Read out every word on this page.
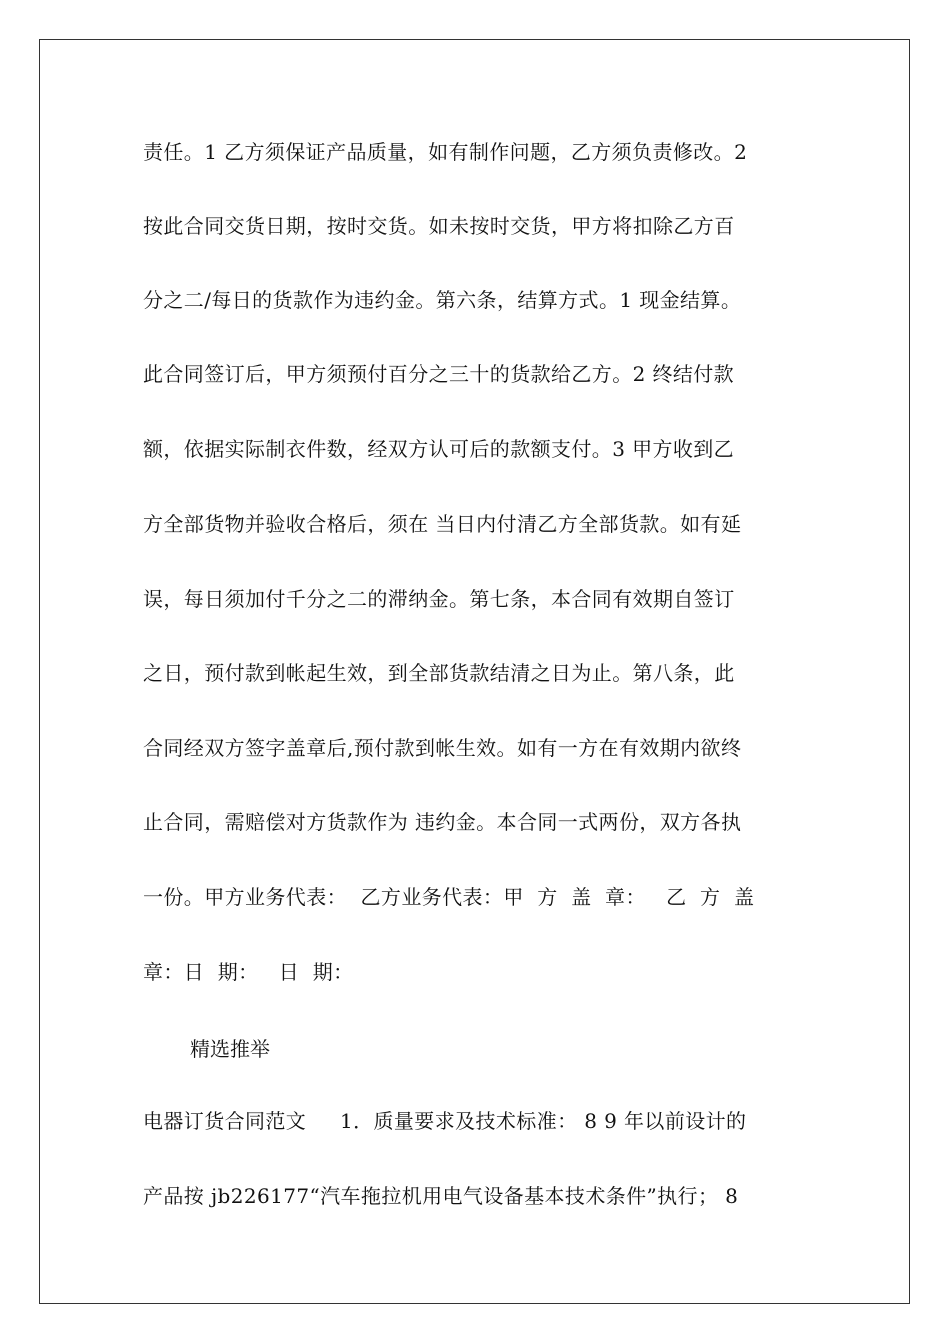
责任。1 乙方须保证产品质量，如有制作问题，乙方须负责修改。2
按此合同交货日期，按时交货。如未按时交货，甲方将扣除乙方百
分之二/每日的货款作为违约金。第六条，结算方式。1 现金结算。
此合同签订后，甲方须预付百分之三十的货款给乙方。2 终结付款
额，依据实际制衣件数，经双方认可后的款额支付。3 甲方收到乙
方全部货物并验收合格后，须在 当日内付清乙方全部货款。如有延
误，每日须加付千分之二的滞纳金。第七条，本合同有效期自签订
之日，预付款到帐起生效，到全部货款结清之日为止。第八条，此
合同经双方签字盖章后,预付款到帐生效。如有一方在有效期内欲终
止合同，需赔偿对方货款作为 违约金。本合同一式两份，双方各执
一份。甲方业务代表：  乙方业务代表：甲  方  盖  章：   乙  方  盖
章：日  期：   日  期：
电器订货合同范文     1．质量要求及技术标准： 8 9 年以前设计的
产品按 jb226177“汽车拖拉机用电气设备基本技术条件”执行； 8
精选推举
